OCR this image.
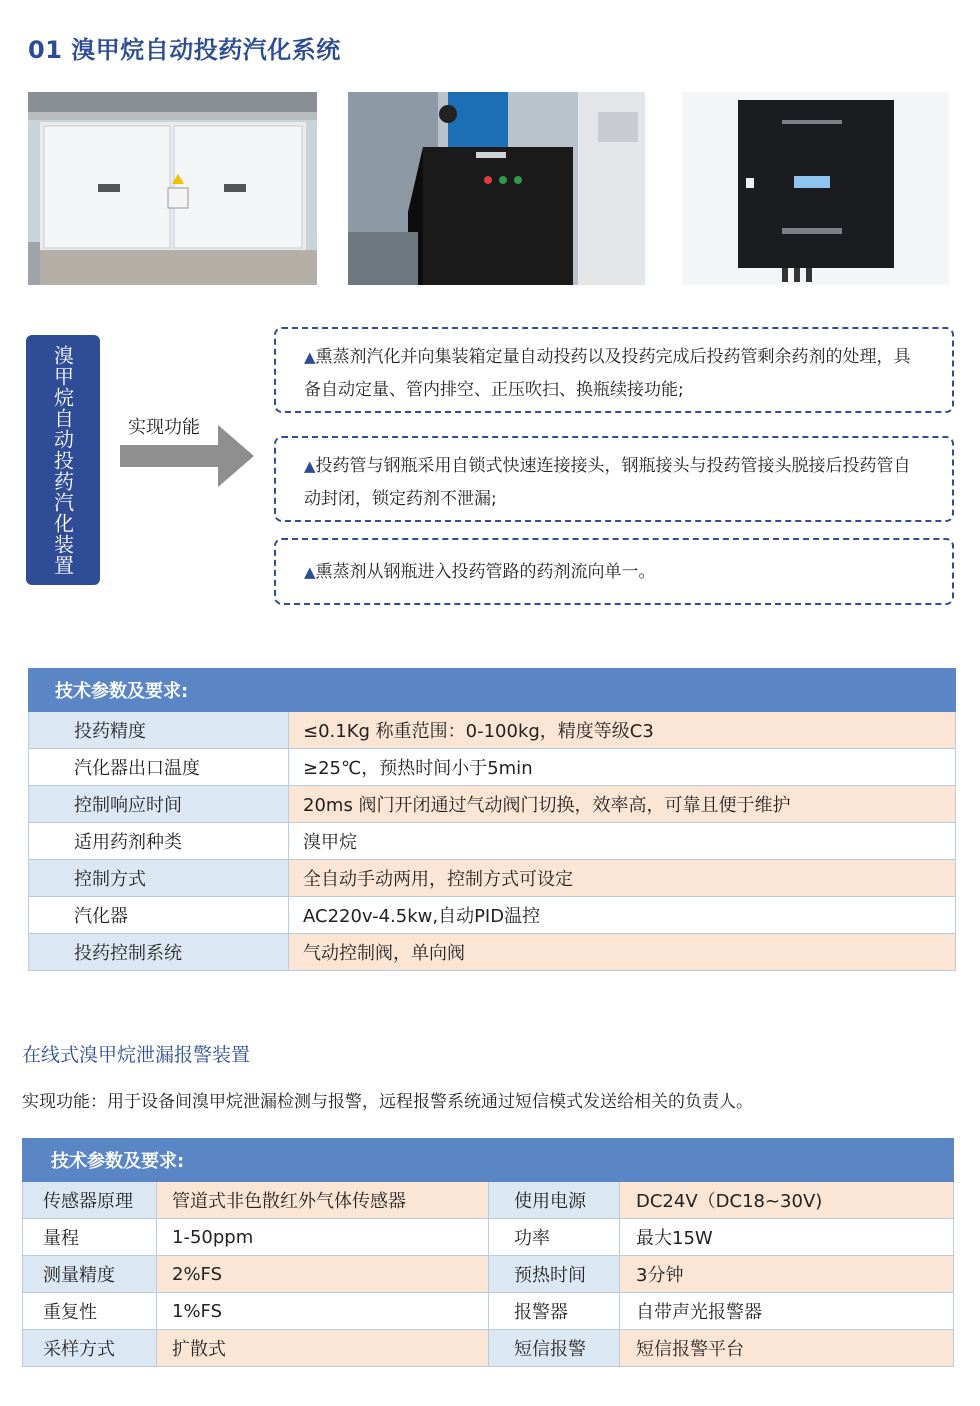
01 溴甲烷自动投药汽化系统
溴甲烷自动投药汽化装置	实现功能
▲熏蒸剂汽化并向集装箱定量自动投药以及投药完成后投药管剩余药剂的处理，具备自动定量、管内排空、正压吹扫、换瓶续接功能;
▲投药管与钢瓶采用自锁式快速连接接头，钢瓶接头与投药管接头脱接后投药管自动封闭，锁定药剂不泄漏;
▲熏蒸剂从钢瓶进入投药管路的药剂流向单一。
技术参数及要求:	
投药精度	≤0.1Kg 称重范围：0-100kg，精度等级C3
汽化器出口温度	≥25℃，预热时间小于5min
控制响应时间	20ms 阀门开闭通过气动阀门切换，效率高，可靠且便于维护
适用药剂种类	溴甲烷
控制方式	全自动手动两用，控制方式可设定
汽化器	AC220v-4.5kw,自动PID温控
投药控制系统	气动控制阀，单向阀
在线式溴甲烷泄漏报警装置
实现功能：用于设备间溴甲烷泄漏检测与报警，远程报警系统通过短信模式发送给相关的负责人。
技术参数及要求:			
传感器原理	管道式非色散红外气体传感器	使用电源	DC24V（DC18~30V)
量程	1-50ppm	功率	最大15W
测量精度	2%FS	预热时间	3分钟
重复性	1%FS	报警器	自带声光报警器
采样方式	扩散式	短信报警	短信报警平台
